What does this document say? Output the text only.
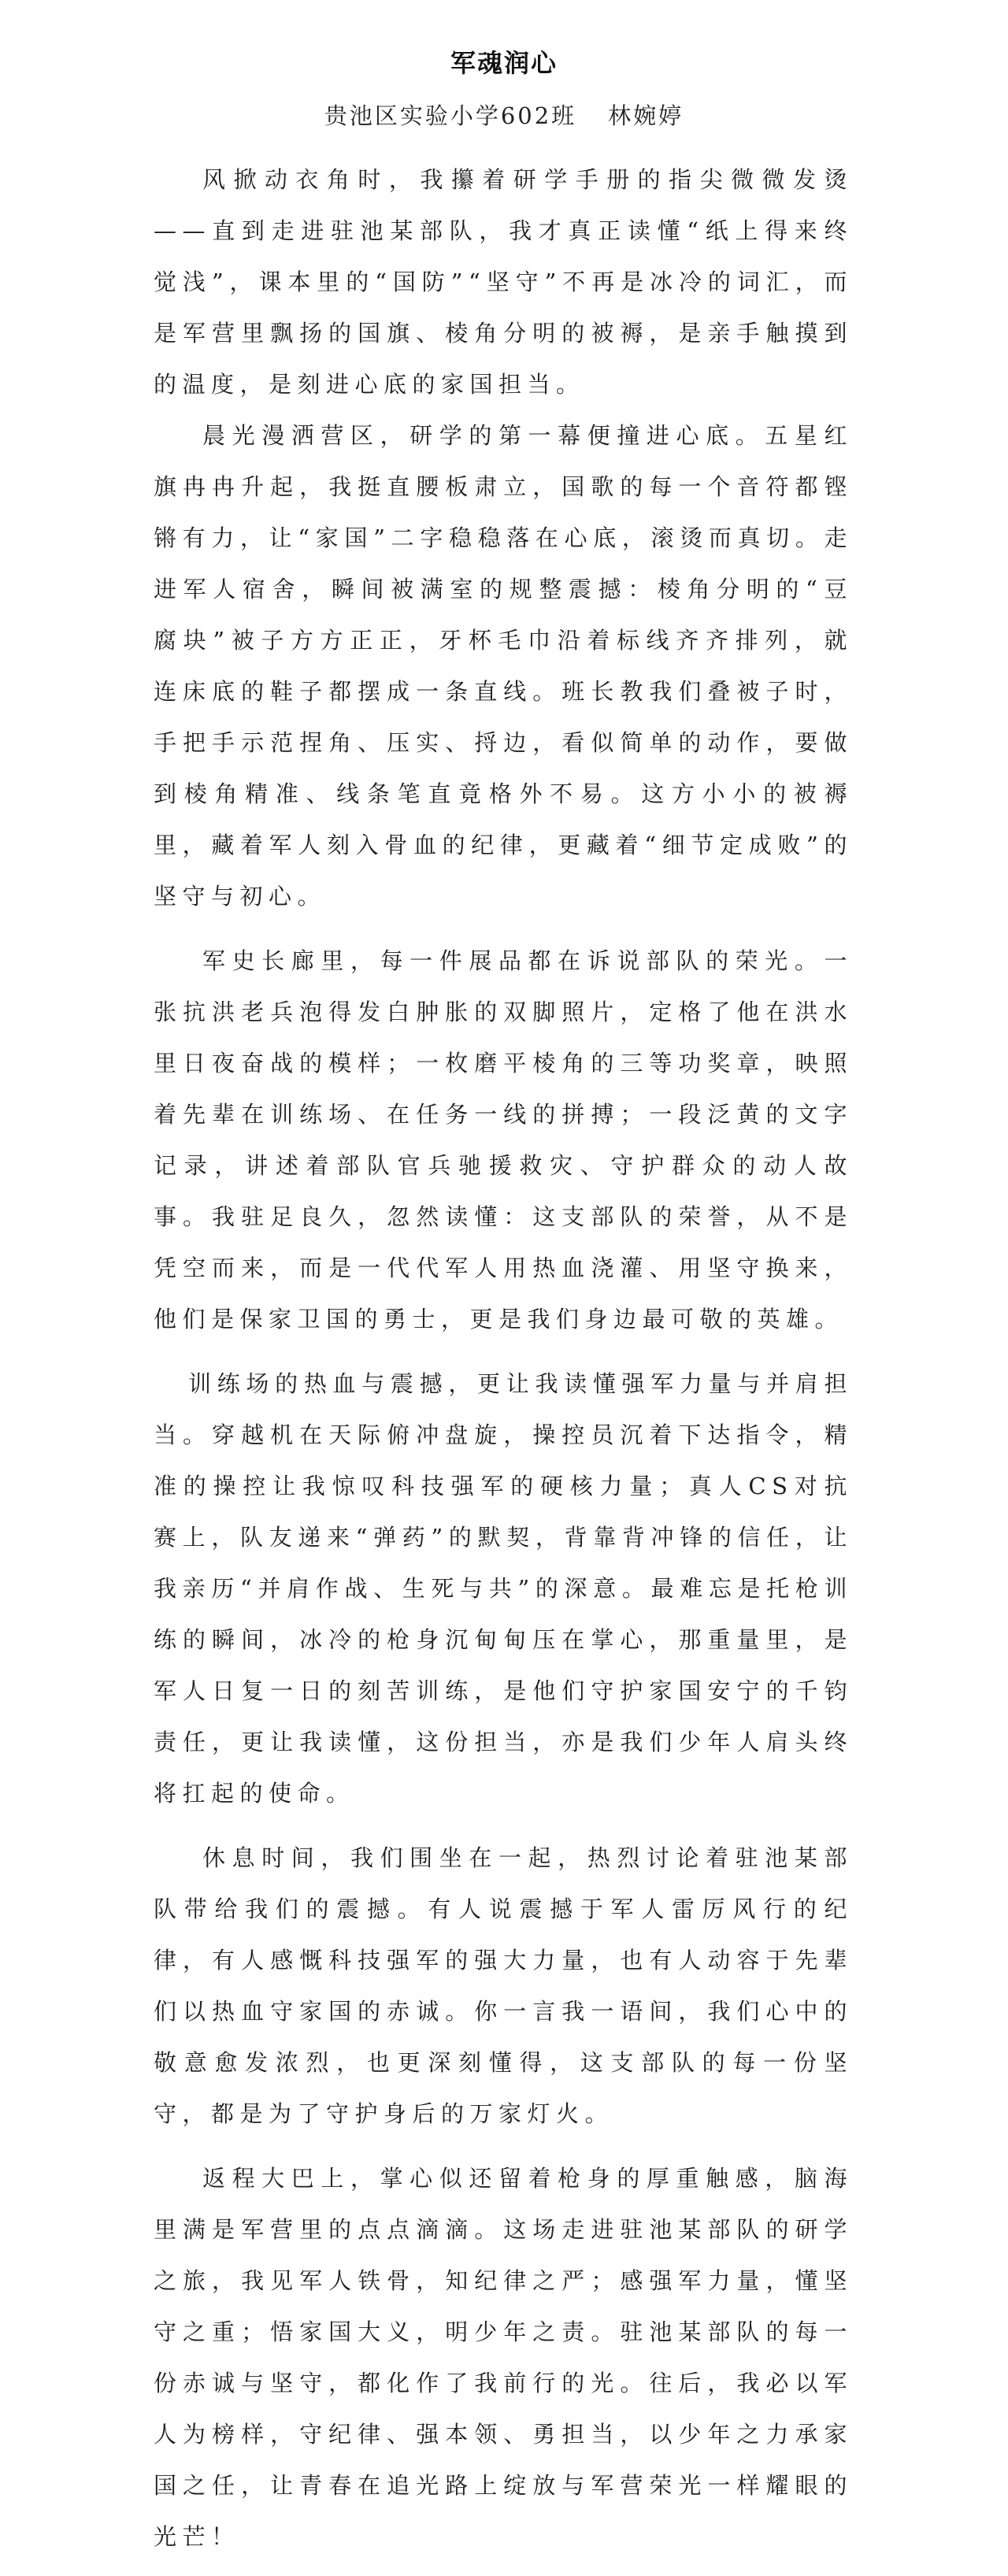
军魂润心
贵池区实验小学602班 林婉婷

风掀动衣角时，我攥着研学手册的指尖微微发烫——直到走进驻池某部队，我才真正读懂“纸上得来终觉浅”，课本里的“国防”“坚守”不再是冰冷的词汇，而是军营里飘扬的国旗、棱角分明的被褥，是亲手触摸到的温度，是刻进心底的家国担当。

晨光漫洒营区，研学的第一幕便撞进心底。五星红旗冉冉升起，我挺直腰板肃立，国歌的每一个音符都铿锵有力，让“家国”二字稳稳落在心底，滚烫而真切。走进军人宿舍，瞬间被满室的规整震撼：棱角分明的“豆腐块”被子方方正正，牙杯毛巾沿着标线齐齐排列，就连床底的鞋子都摆成一条直线。班长教我们叠被子时，手把手示范捏角、压实、捋边，看似简单的动作，要做到棱角精准、线条笔直竟格外不易。这方小小的被褥里，藏着军人刻入骨血的纪律，更藏着“细节定成败”的坚守与初心。

军史长廊里，每一件展品都在诉说部队的荣光。一张抗洪老兵泡得发白肿胀的双脚照片，定格了他在洪水里日夜奋战的模样；一枚磨平棱角的三等功奖章，映照着先辈在训练场、在任务一线的拼搏；一段泛黄的文字记录，讲述着部队官兵驰援救灾、守护群众的动人故事。我驻足良久，忽然读懂：这支部队的荣誉，从不是凭空而来，而是一代代军人用热血浇灌、用坚守换来，他们是保家卫国的勇士，更是我们身边最可敬的英雄。

训练场的热血与震撼，更让我读懂强军力量与并肩担当。穿越机在天际俯冲盘旋，操控员沉着下达指令，精准的操控让我惊叹科技强军的硬核力量；真人CS对抗赛上，队友递来“弹药”的默契，背靠背冲锋的信任，让我亲历“并肩作战、生死与共”的深意。最难忘是托枪训练的瞬间，冰冷的枪身沉甸甸压在掌心，那重量里，是军人日复一日的刻苦训练，是他们守护家国安宁的千钧责任，更让我读懂，这份担当，亦是我们少年人肩头终将扛起的使命。

休息时间，我们围坐在一起，热烈讨论着驻池某部队带给我们的震撼。有人说震撼于军人雷厉风行的纪律，有人感慨科技强军的强大力量，也有人动容于先辈们以热血守家国的赤诚。你一言我一语间，我们心中的敬意愈发浓烈，也更深刻懂得，这支部队的每一份坚守，都是为了守护身后的万家灯火。

返程大巴上，掌心似还留着枪身的厚重触感，脑海里满是军营里的点点滴滴。这场走进驻池某部队的研学之旅，我见军人铁骨，知纪律之严；感强军力量，懂坚守之重；悟家国大义，明少年之责。驻池某部队的每一份赤诚与坚守，都化作了我前行的光。往后，我必以军人为榜样，守纪律、强本领、勇担当，以少年之力承家国之任，让青春在追光路上绽放与军营荣光一样耀眼的光芒！
